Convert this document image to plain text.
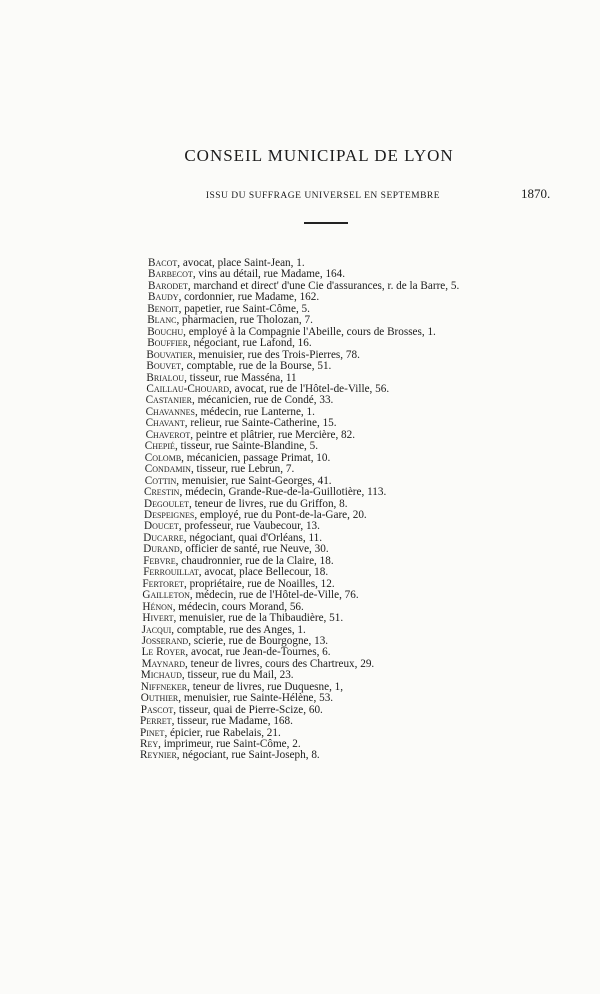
CONSEIL MUNICIPAL DE LYON
ISSU DU SUFFRAGE UNIVERSEL EN SEPTEMBRE	1870.
Bacot, avocat, place Saint-Jean, 1.
Barbecot, vins au détail, rue Madame, 164.
Barodet, marchand et direct' d'une Cie d'assurances, r. de la Barre, 5.
Baudy, cordonnier, rue Madame, 162.
Benoit, papetier, rue Saint-Côme, 5.
Blanc, pharmacien, rue Tholozan, 7.
Bouchu, employé à la Compagnie l'Abeille, cours de Brosses, 1.
Bouffier, négociant, rue Lafond, 16.
Bouvatier, menuisier, rue des Trois-Pierres, 78.
Bouvet, comptable, rue de la Bourse, 51.
Brialou, tisseur, rue Masséna, 11
Caillau-Chouard, avocat, rue de l'Hôtel-de-Ville, 56.
Castanier, mécanicien, rue de Condé, 33.
Chavannes, médecin, rue Lanterne, 1.
Chavant, relieur, rue Sainte-Catherine, 15.
Chaverot, peintre et plâtrier, rue Mercière, 82.
Chepié, tisseur, rue Sainte-Blandine, 5.
Colomb, mécanicien, passage Primat, 10.
Condamin, tisseur, rue Lebrun, 7.
Cottin, menuisier, rue Saint-Georges, 41.
Crestin, médecin, Grande-Rue-de-la-Guillotière, 113.
Degoulet, teneur de livres, rue du Griffon, 8.
Despeignes, employé, rue du Pont-de-la-Gare, 20.
Doucet, professeur, rue Vaubecour, 13.
Ducarre, négociant, quai d'Orléans, 11.
Durand, officier de santé, rue Neuve, 30.
Febvre, chaudronnier, rue de la Claire, 18.
Ferrouillat, avocat, place Bellecour, 18.
Fertoret, propriétaire, rue de Noailles, 12.
Gailleton, médecin, rue de l'Hôtel-de-Ville, 76.
Hénon, médecin, cours Morand, 56.
Hivert, menuisier, rue de la Thibaudière, 51.
Jacqui, comptable, rue des Anges, 1.
Josserand, scierie, rue de Bourgogne, 13.
Le Royer, avocat, rue Jean-de-Tournes, 6.
Maynard, teneur de livres, cours des Chartreux, 29.
Michaud, tisseur, rue du Mail, 23.
Niffneker, teneur de livres, rue Duquesne, 1,
Outhier, menuisier, rue Sainte-Hélène, 53.
Pascot, tisseur, quai de Pierre-Scize, 60.
Perret, tisseur, rue Madame, 168.
Pinet, épicier, rue Rabelais, 21.
Rey, imprimeur, rue Saint-Côme, 2.
Reynier, négociant, rue Saint-Joseph, 8.
